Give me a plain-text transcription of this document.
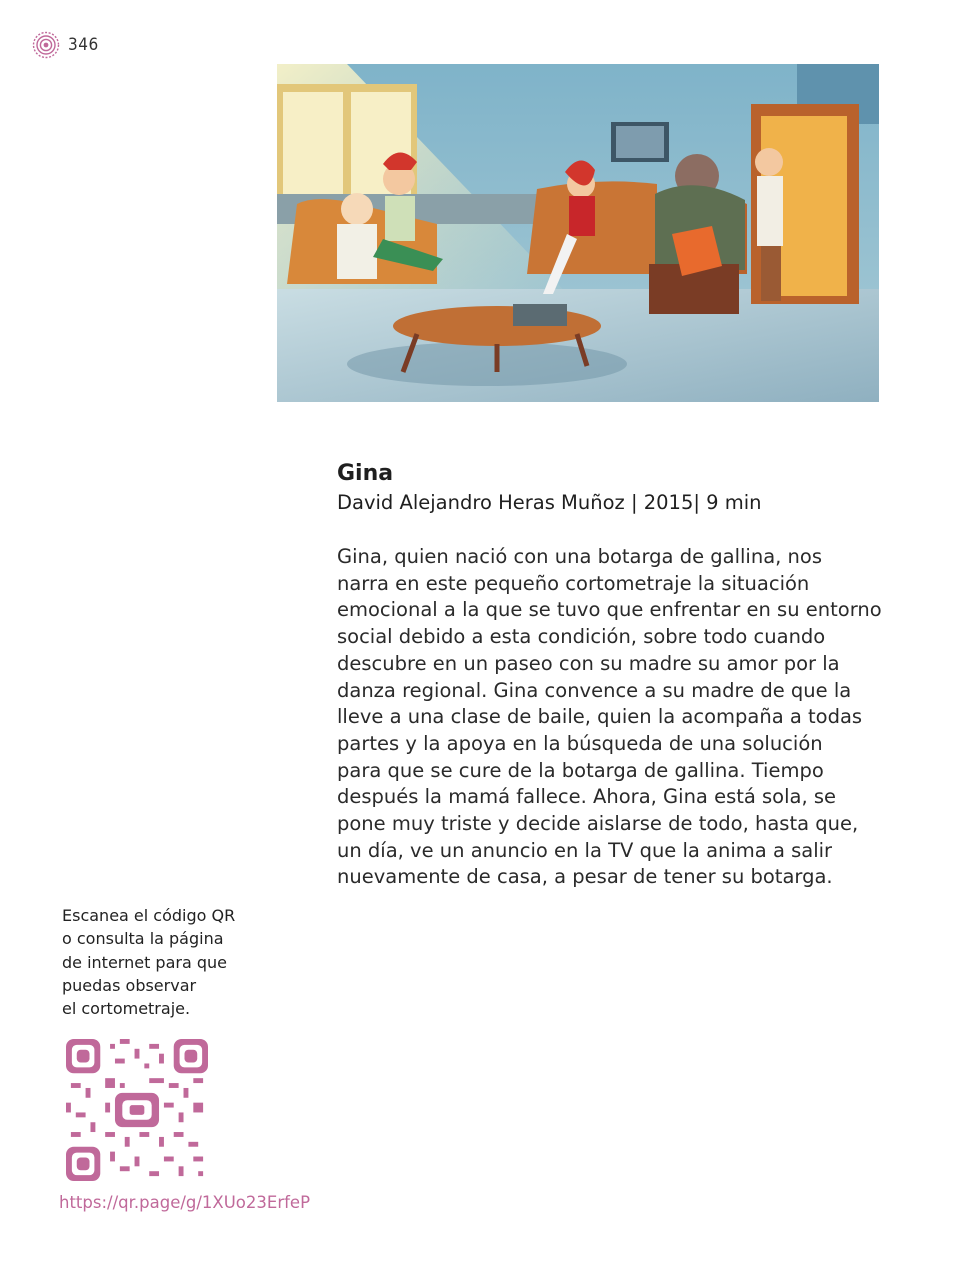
346
Gina

David Alejandro Heras Muñoz | 2015| 9 min

Gina, quien nació con una botarga de gallina, nos
narra en este pequeño cortometraje la situación
emocional a la que se tuvo que enfrentar en su entorno
social debido a esta condición, sobre todo cuando
descubre en un paseo con su madre su amor por la
danza regional. Gina convence a su madre de que la
lleve a una clase de baile, quien la acompaña a todas
partes y la apoya en la búsqueda de una solución
para que se cure de la botarga de gallina. Tiempo
después la mamá fallece. Ahora, Gina está sola, se
pone muy triste y decide aislarse de todo, hasta que,
un día, ve un anuncio en la TV que la anima a salir
nuevamente de casa, a pesar de tener su botarga.
Escanea el código QR
o consulta la página
de internet para que
puedas observar
el cortometraje.
https://qr.page/g/1XUo23ErfeP
